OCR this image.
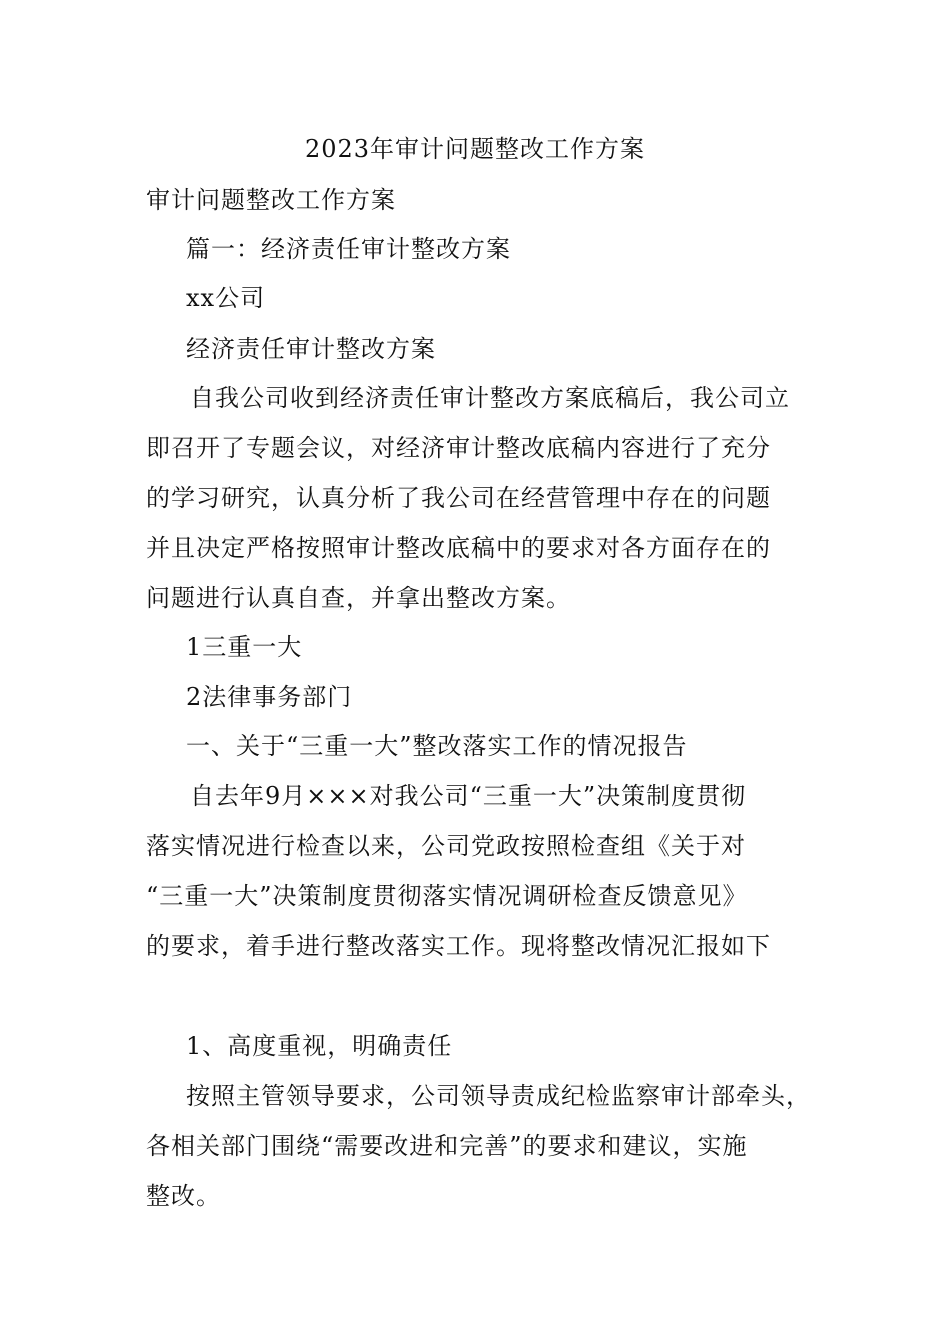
2023年审计问题整改工作方案
审计问题整改工作方案
篇一：经济责任审计整改方案
xx公司
经济责任审计整改方案
自我公司收到经济责任审计整改方案底稿后，我公司立
即召开了专题会议，对经济审计整改底稿内容进行了充分
的学习研究，认真分析了我公司在经营管理中存在的问题
并且决定严格按照审计整改底稿中的要求对各方面存在的
问题进行认真自查，并拿出整改方案。
1三重一大
2法律事务部门
一、关于“三重一大”整改落实工作的情况报告
自去年9月×××对我公司“三重一大”决策制度贯彻
落实情况进行检查以来，公司党政按照检查组《关于对
“三重一大”决策制度贯彻落实情况调研检查反馈意见》
的要求，着手进行整改落实工作。现将整改情况汇报如下
1、高度重视，明确责任
按照主管领导要求，公司领导责成纪检监察审计部牵头，
各相关部门围绕“需要改进和完善”的要求和建议，实施
整改。
